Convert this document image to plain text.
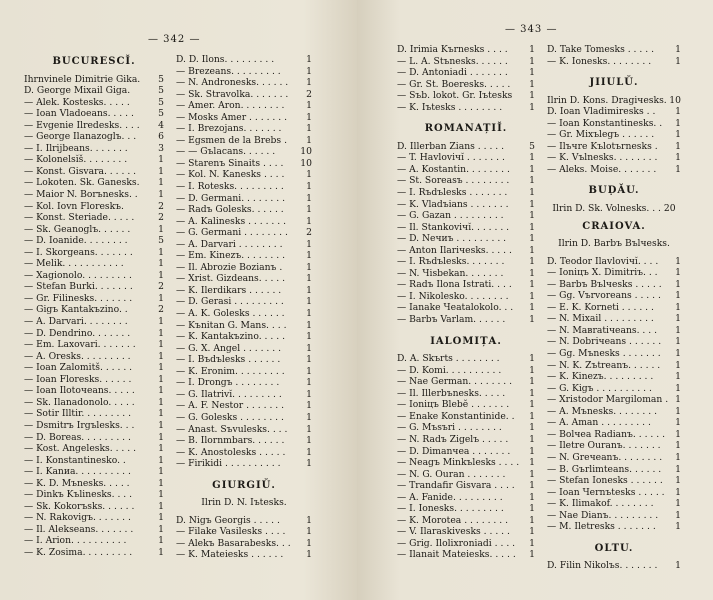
— 342 —
BUCURESCĬ.
Ihrnvinele Dimitrie Gika.	5
D. George Mixail Giga.	5
— Alek. Kostesks. . . . .	5
— Ioan Vladoeans. . . . .	5
— Evgenie Ilredesks. . . .	4
— George Ilanazoglъ. . .	6
— I. Ilrijbeans. . . . . . .	3
— Kolonelsĭš. . . . . . . .	1
— Konst. Gisvara. . . . . .	1
— Lokoten. Sk. Ganesks.	1
— Maior N. Borъnesks. .	1
— Kol. Iovn Floreskъ.	2
— Konst. Steriade. . . . .	2
— Sk. Geanoglъ. . . . . .	1
— D. Ioanide. . . . . . . .	5
— I. Skorgeans. . . . . . .	1
— Melik. . . . . . . . . . .	1
— Xagionolo. . . . . . . . .	1
— Stefan Burki. . . . . . .	2
— Gr. Filinesks. . . . . . .	1
— Gigъ Kantakъzino. .	2
— A. Darvari. . . . . . . .	1
— D. Dendrino. . . . . . .	1
— Em. Laxovari. . . . . . .	1
— A. Oresks. . . . . . . . .	1
— Ioan Zalomitš. . . . . .	1
— Ioan Floresks. . . . . .	1
— Ioan Ilotoчeans. . . . .	1
— Sk. Ilanadonolo. . . . .	1
— Sotir Illtir. . . . . . . . .	1
— Dsmitrъ Irgъlesks. . .	1
— D. Boreas. . . . . . . . .	1
— Kost. Angelesks. . . . .	1
— I. Konstantinesko. .	1
— I. Kanиa. . . . . . . . . .	1
— K. D. Mъnesks. . . . .	1
— Dinkъ Kъlinesks. . . .	1
— Sk. Kokorъsks. . . . . .	1
— N. Rakovigъ. . . . . . .	1
— Il. Alekseans. . . . . . .	1
— I. Arion. . . . . . . . . .	1
— K. Zosima. . . . . . . . .	1
D. D. Ilons. . . . . . . . .	1
— Brezeans. . . . . . . . .	1
— N. Andronesks. . . . . .	1
— Sk. Stravolka. . . . . . .	2
— Amer. Aron. . . . . . . .	1
— Mosks Amer . . . . . . .	1
— I. Brezojans. . . . . . .	1
— Egsmen de la Brebs .	1
— — Gъlacans. . . . . .	10
— Starenъ Sinaits . . . . 10
— Kol. N. Kanesks . . . .	1
— I. Rotesks. . . . . . . . .	1
— D. Germani. . . . . . . .	1
— Radъ Golesks. . . . . .	1
— A. Kalinesks . . . . . . .	1
— G. Germani . . . . . . . .	2
— A. Darvari . . . . . . . .	1
— Em. Kinezъ. . . . . . . .	1
— Il. Abrozie Bozianъ .	1
— Xrist. Gizdeans. . . . .	1
— K. Ilerdikars . . . . . .	1
— D. Gerasi . . . . . . . . .	1
— A. K. Golesks . . . . . .	1
— Kъnitan G. Mans. . . .	1
— K. Kantakъzino. . . . .	1
— G. X. Angel . . . . . . .	1
— I. Bъdъlesks . . . . . .	1
— K. Eronim. . . . . . . . .	1
— I. Drongъ . . . . . . . .	1
— G. Ilatrivĭ. . . . . . . . .	1
— A. F. Nestor . . . . . . .	1
— G. Golesks . . . . . . . .	1
— Anast. Sъvulesks. . . .	1
— B. Ilornmbars. . . . . .	1
— K. Anostolesks . . . . .	1
— Firikidi . . . . . . . . . .	1
GIURGIŬ.
Ilrin D. N. Iъtesks.
D. Nigъ Georgis . . . . .	1
— Filake Vasilesks . . . .	1
— Alekъ Basarabesks. . .	1
— K. Mateiesks . . . . . .	1
— 343 —
D. Irimia Kъrnesks . . . .	1
— L. A. Stъnesks. . . . . .	1
— D. Antoniadi . . . . . . .	1
— Gr. St. Boeresks. . . . .	1
— Sъb. lokot. Gr. Iъtesks	1
— K. Iъtesks . . . . . . . .	1
ROMANAȚIĬ.
D. Illerban Zians . . . . .	5
— T. Havloviчĭ . . . . . . .	1
— A. Kostantin. . . . . . . .	1
— St. Soreasъ . . . . . . . .	1
— I. Rъdъlesks . . . . . . .	1
— K. Vladъians . . . . . . .	1
— G. Gazan . . . . . . . . .	1
— Il. Stankoviчĭ. . . . . . .	1
— D. Neчиъ . . . . . . . . .	1
— Anton Ilariчesks. . . . .	1
— I. Rъdъlesks. . . . . . .	1
— N. Чisbekan. . . . . . .	1
— Radъ Ilona Istrati. . . .	1
— I. Nikolesko. . . . . . . .	1
— Ianake Чeatalokolo. . .	1
— Barbъ Varlam. . . . . .	1
IALOMIȚA.
D. A. Skъrts . . . . . . . .	1
— D. Komi. . . . . . . . . .	1
— Nae German. . . . . . . .	1
— Il. Illerbъnesks. . . . .	1
— Ioniцъ Blebĕ . . . . . . .	1
— Enake Konstantinide. .	1
— G. Mъsъri . . . . . . . .	1
— N. Radъ Zigelъ . . . . .	1
— D. Dimanчea . . . . . . .	1
— Neagъ Minkъlesks . . . .	1
— N. G. Ouran . . . . . . .	1
— Trandafir Gisvara . . . .	1
— A. Fanide. . . . . . . . .	1
— I. Ionesks. . . . . . . . .	1
— K. Morotea . . . . . . . .	1
— V. Ilaraskivesks . . . . .	1
— Grig. Ilolixroniadi . . . .	1
— Ilanait Mateiesks. . . . .	1
D. Take Tomesks . . . . .	1
— K. Ionesks. . . . . . . .	1
JIIULŬ.
Ilrin D. Kons. Dragiчesks. 10
D. Ioan Vladimiresks . .	1
— Ioan Konstantinesks. .	1
— Gr. Mixъlеgъ . . . . . .	1
— Ilъчre Kъlotъrnesks .	1
— K. Vъlnesks. . . . . . . .	1
— Aleks. Moise. . . . . . .	1
BUḌĂU.
Ilrin D. Sk. Volnesks. . . 20
CRAIOVA.
Ilrin D. Barbъ Bъlчesks.
D. Teodor Ilavloviчĭ. . . .	1
— Ioniцъ X. Dimitriъ. . .	1
— Barbъ Bъlчesks . . . . .	1
— Gg. Vъrvoreans . . . . .	1
— E. K. Korneti . . . . . .	1
— N. Mixail . . . . . . . . .	1
— N. Maвratiчeans. . . .	1
— N. Dobriчeans . . . . . .	1
— Gg. Mъnesks . . . . . . .	1
— N. K. Zъtreanъ. . . . . .	1
— K. Kinezъ. . . . . . . . .	1
— G. Kigъ . . . . . . . . . .	1
— Xristodor Margiloman . 1
— A. Mъnesks. . . . . . . .	1
— A. Aman . . . . . . . . .	1
— Bolчea Radianъ. . . . . .	1
— Iletre Ouranъ. . . . . . .	1
— N. Greчeanъ. . . . . . . .	1
— B. Gъrlimteans. . . . . .	1
— Stefan Ionesks . . . . . .	1
— Ioan Чernъtesks . . . . .	1
— K. Ilimakof. . . . . . . .	1
— Nae Dianъ. . . . . . . . .	1
— M. Iletresks . . . . . . .	1
OLTU.
D. Filin Nikolъs. . . . . . .	1
